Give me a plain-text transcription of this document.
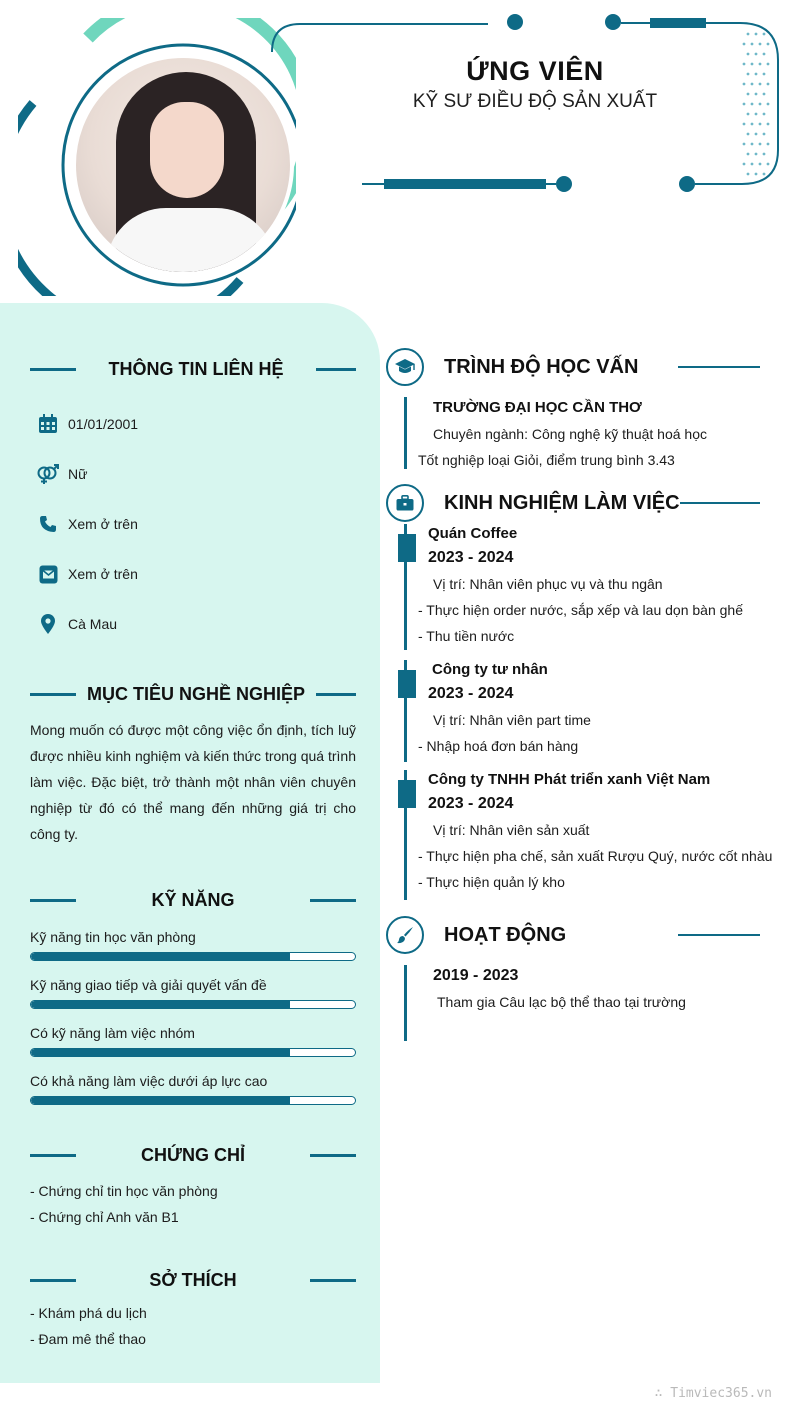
ỨNG VIÊN
KỸ SƯ ĐIỀU ĐỘ SẢN XUẤT
THÔNG TIN LIÊN HỆ
01/01/2001
Nữ
Xem ở trên
Xem ở trên
Cà Mau
MỤC TIÊU NGHỀ NGHIỆP
Mong muốn có được một công việc ổn định, tích luỹ được nhiều kinh nghiệm và kiến thức trong quá trình làm việc. Đặc biệt, trở thành một nhân viên chuyên nghiệp từ đó có thể mang đến những giá trị cho công ty.
KỸ NĂNG
Kỹ năng tin học văn phòng
Kỹ năng giao tiếp và giải quyết vấn đề
Có kỹ năng làm việc nhóm
Có khả năng làm việc dưới áp lực cao
CHỨNG CHỈ
- Chứng chỉ tin học văn phòng
- Chứng chỉ Anh văn B1
SỞ THÍCH
- Khám phá du lịch
- Đam mê thể thao
TRÌNH ĐỘ HỌC VẤN
TRƯỜNG ĐẠI HỌC CẦN THƠ
Chuyên ngành: Công nghệ kỹ thuật hoá học
Tốt nghiệp loại Giỏi, điểm trung bình 3.43
KINH NGHIỆM LÀM VIỆC
Quán Coffee
2023 - 2024
Vị trí: Nhân viên phục vụ và thu ngân
- Thực hiện order nước, sắp xếp và lau dọn bàn ghế
- Thu tiền nước
Công ty tư nhân
2023 - 2024
Vị trí: Nhân viên part time
- Nhập hoá đơn bán hàng
Công ty TNHH Phát triển xanh Việt Nam
2023 - 2024
Vị trí: Nhân viên sản xuất
- Thực hiện pha chế, sản xuất Rượu Quý, nước cốt nhàu
- Thực hiện quản lý kho
HOẠT ĐỘNG
2019 - 2023
Tham gia Câu lạc bộ thể thao tại trường
∴ Timviec365.vn
